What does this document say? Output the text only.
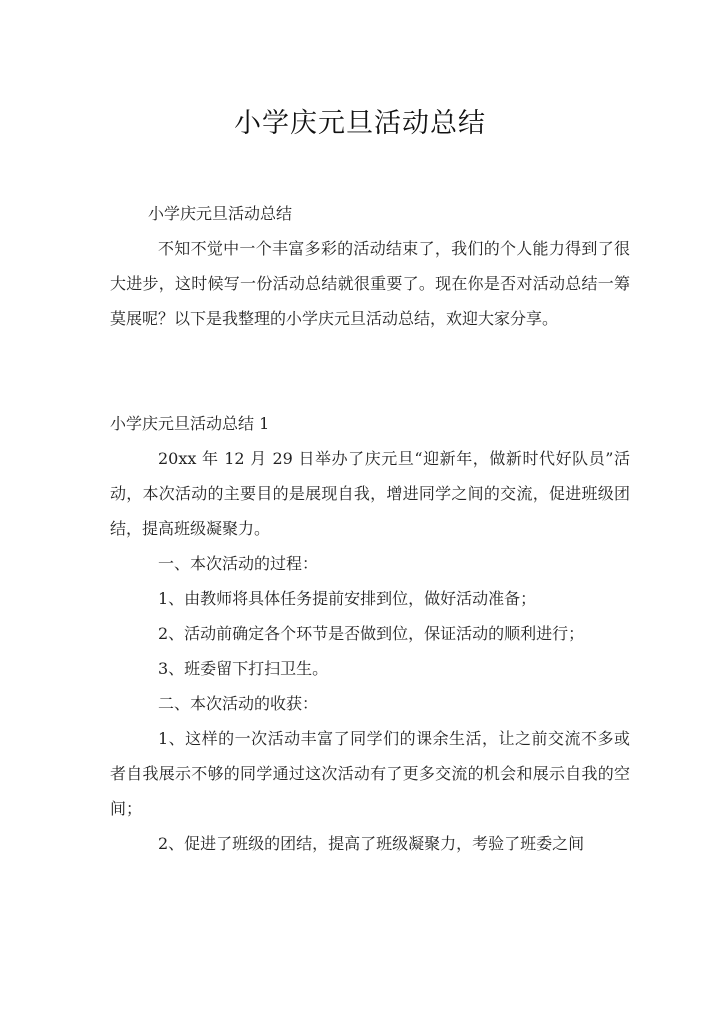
小学庆元旦活动总结

小学庆元旦活动总结

不知不觉中一个丰富多彩的活动结束了，我们的个人能力得到了很大进步，这时候写一份活动总结就很重要了。现在你是否对活动总结一筹莫展呢？以下是我整理的小学庆元旦活动总结，欢迎大家分享。

小学庆元旦活动总结 1

20xx 年 12 月 29 日举办了庆元旦“迎新年，做新时代好队员”活动，本次活动的主要目的是展现自我，增进同学之间的交流，促进班级团结，提高班级凝聚力。

一、本次活动的过程：

1、由教师将具体任务提前安排到位，做好活动准备；

2、活动前确定各个环节是否做到位，保证活动的顺利进行；

3、班委留下打扫卫生。

二、本次活动的收获：

1、这样的一次活动丰富了同学们的课余生活，让之前交流不多或者自我展示不够的同学通过这次活动有了更多交流的机会和展示自我的空间；

2、促进了班级的团结，提高了班级凝聚力，考验了班委之间
